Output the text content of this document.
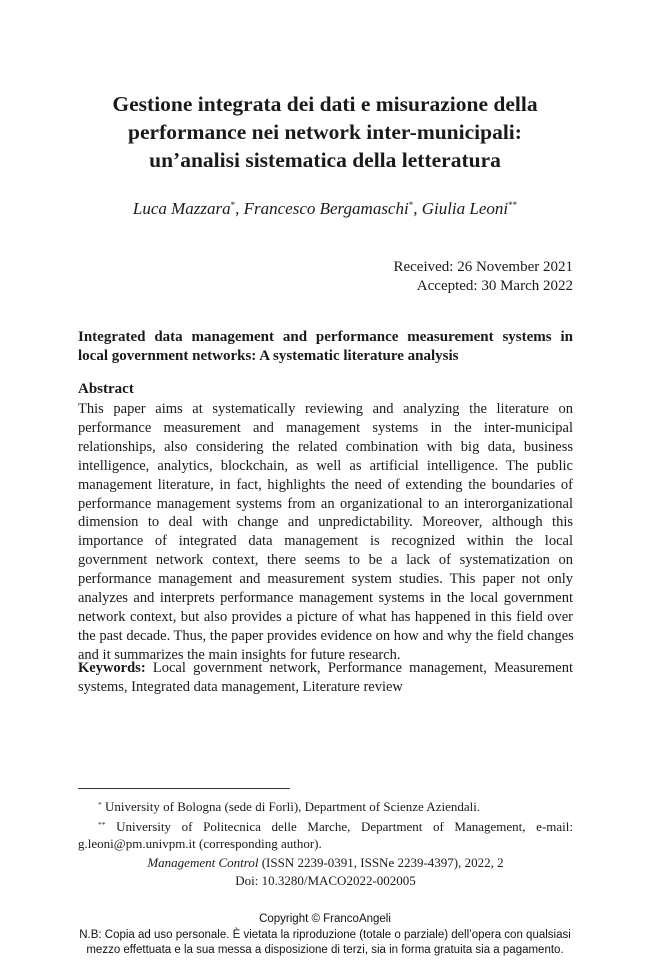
Gestione integrata dei dati e misurazione della
performance nei network inter-municipali:
un’analisi sistematica della letteratura
Luca Mazzara*, Francesco Bergamaschi*, Giulia Leoni**
Received: 26 November 2021
Accepted: 30 March 2022
Integrated data management and performance measurement systems in
local government networks: A systematic literature analysis
Abstract
This paper aims at systematically reviewing and analyzing the literature on
performance measurement and management systems in the inter-municipal
relationships, also considering the related combination with big data, business
intelligence, analytics, blockchain, as well as artificial intelligence. The public
management literature, in fact, highlights the need of extending the boundaries of
performance management systems from an organizational to an interorganizational
dimension to deal with change and unpredictability. Moreover, although this
importance of integrated data management is recognized within the local
government network context, there seems to be a lack of systematization on
performance management and measurement system studies. This paper not only
analyzes and interprets performance management systems in the local government
network context, but also provides a picture of what has happened in this field over
the past decade. Thus, the paper provides evidence on how and why the field changes
and it summarizes the main insights for future research.
Keywords: Local government network, Performance management, Measurement
systems, Integrated data management, Literature review
* University of Bologna (sede di Forlì), Department of Scienze Aziendali.
** University of Politecnica delle Marche, Department of Management, e-mail:
g.leoni@pm.univpm.it (corresponding author).
Management Control (ISSN 2239-0391, ISSNe 2239-4397), 2022, 2
Doi: 10.3280/MACO2022-002005
Copyright © FrancoAngeli
N.B: Copia ad uso personale. È vietata la riproduzione (totale o parziale) dell’opera con qualsiasi
mezzo effettuata e la sua messa a disposizione di terzi, sia in forma gratuita sia a pagamento.
